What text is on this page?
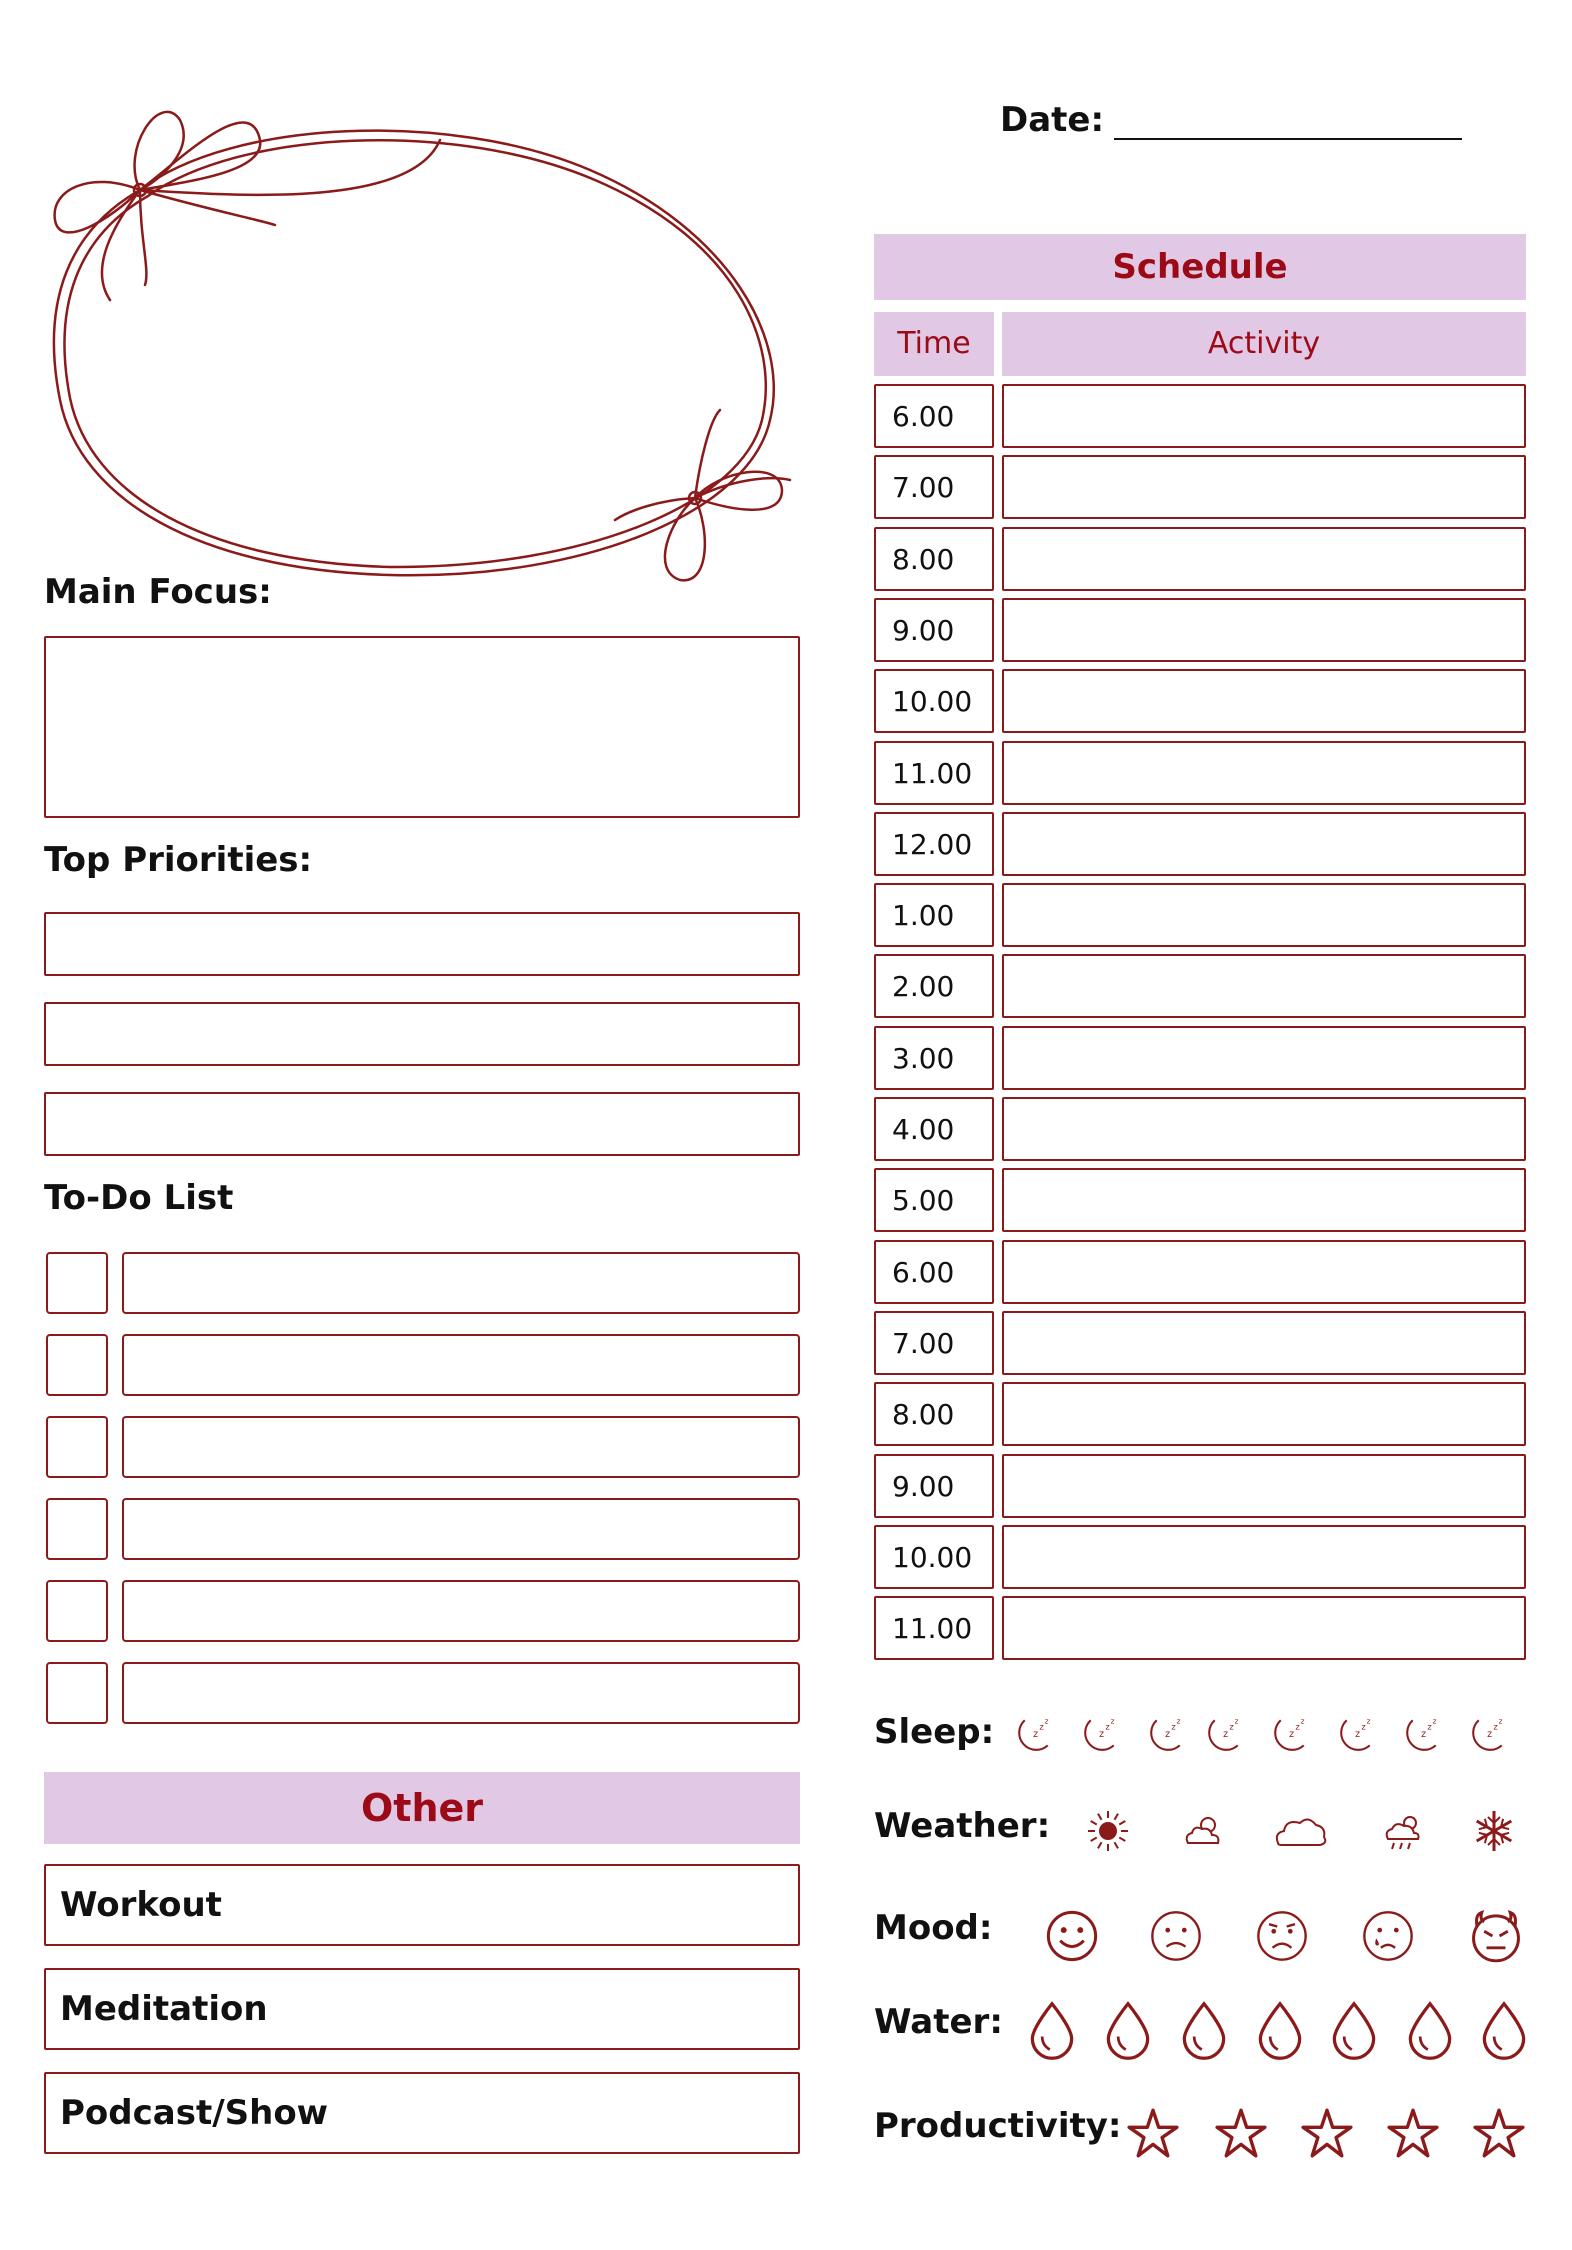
Date:
Main Focus:
Top Priorities:
To-Do List
Other
Workout
Meditation
Podcast/Show
Schedule
Time	Activity
6.00
7.00
8.00
9.00
10.00
11.00
12.00
1.00
2.00
3.00
4.00
5.00
6.00
7.00
8.00
9.00
10.00
11.00
Sleep:
Weather:
Mood:
Water:
Productivity:
z
z
z
z
z
z
z
z
z
z
z
z
z
z
z
z
z
z
z
z
z
z
z
z
